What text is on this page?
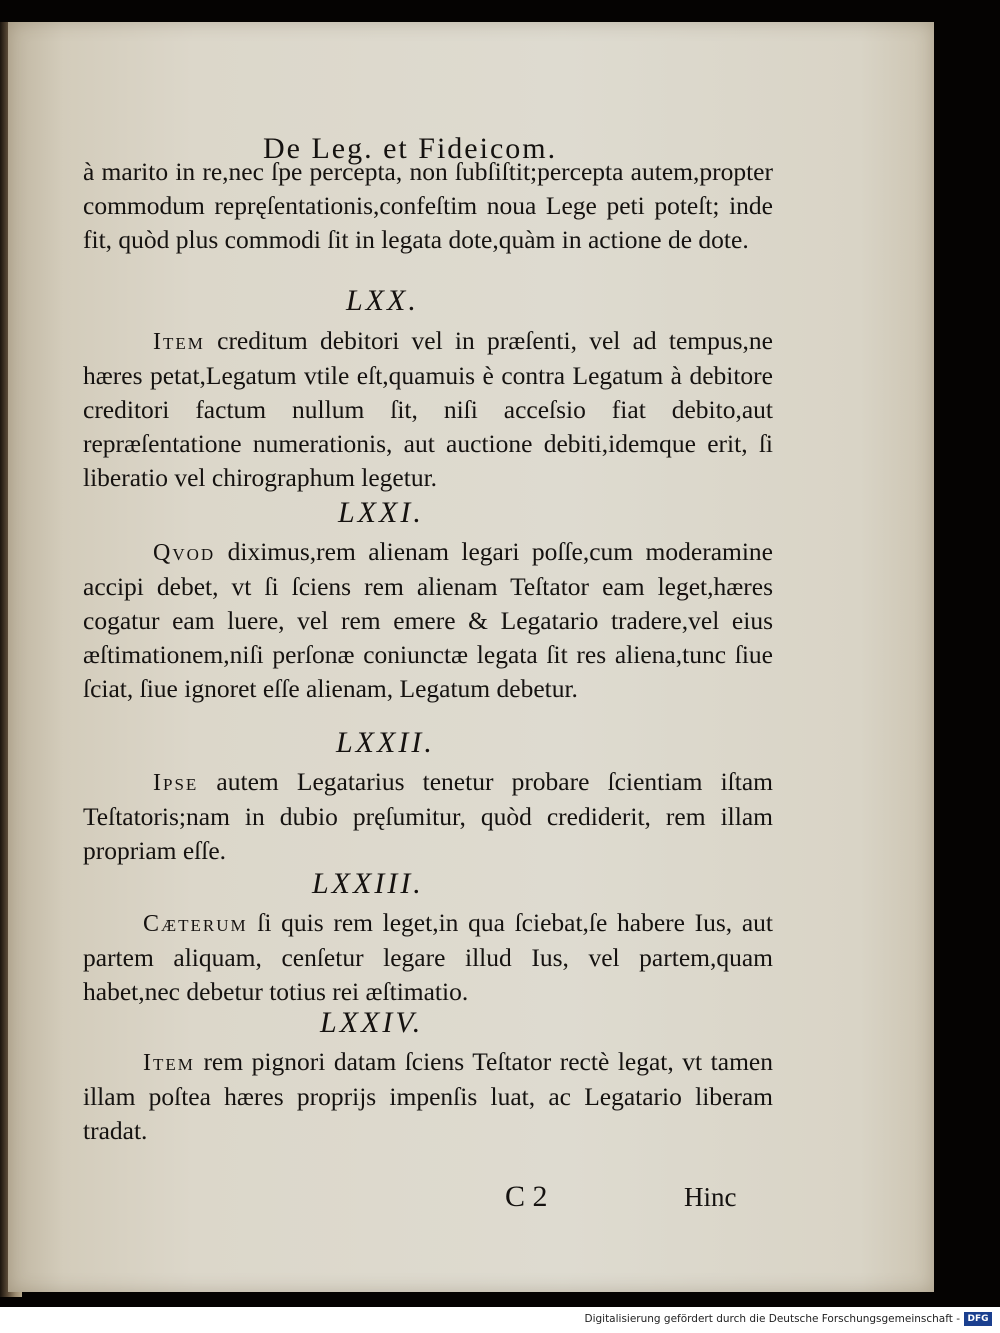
De Leg. et Fideicom.

à marito in re,nec ſpe percepta, non ſubſiſtit;percepta autem,propter commodum repręſentationis,confeſtim noua Lege peti poteſt; inde fit, quòd plus commodi ſit in legata dote,quàm in actione de dote.

LXX.

Item creditum debitori vel in præſenti, vel ad tempus,ne hæres petat,Legatum vtile eſt,quamuis è contra Legatum à debitore creditori factum nullum ſit, niſi acceſsio fiat debito,aut repræſentatione numerationis, aut auctione debiti,idemque erit, ſi liberatio vel chirographum legetur.

LXXI.

Qvod diximus,rem alienam legari poſſe,cum moderamine accipi debet, vt ſi ſciens rem alienam Teſtator eam leget,hæres cogatur eam luere, vel rem emere & Legatario tradere,vel eius æſtimationem,niſi perſonæ coniunctæ legata ſit res aliena,tunc ſiue ſciat, ſiue ignoret eſſe alienam, Legatum debetur.

LXXII.

Ipse autem Legatarius tenetur probare ſcientiam iſtam Teſtatoris;nam in dubio pręſumitur, quòd crediderit, rem illam propriam eſſe.

LXXIII.

Cæterum ſi quis rem leget,in qua ſciebat,ſe habere Ius, aut partem aliquam, cenſetur legare illud Ius, vel partem,quam habet,nec debetur totius rei æſtimatio.

LXXIV.

Item rem pignori datam ſciens Teſtator rectè legat, vt tamen illam poſtea hæres proprijs impenſis luat, ac Legatario liberam tradat.

C 2	Hinc
Digitalisierung gefördert durch die Deutsche Forschungsgemeinschaft - DFG
